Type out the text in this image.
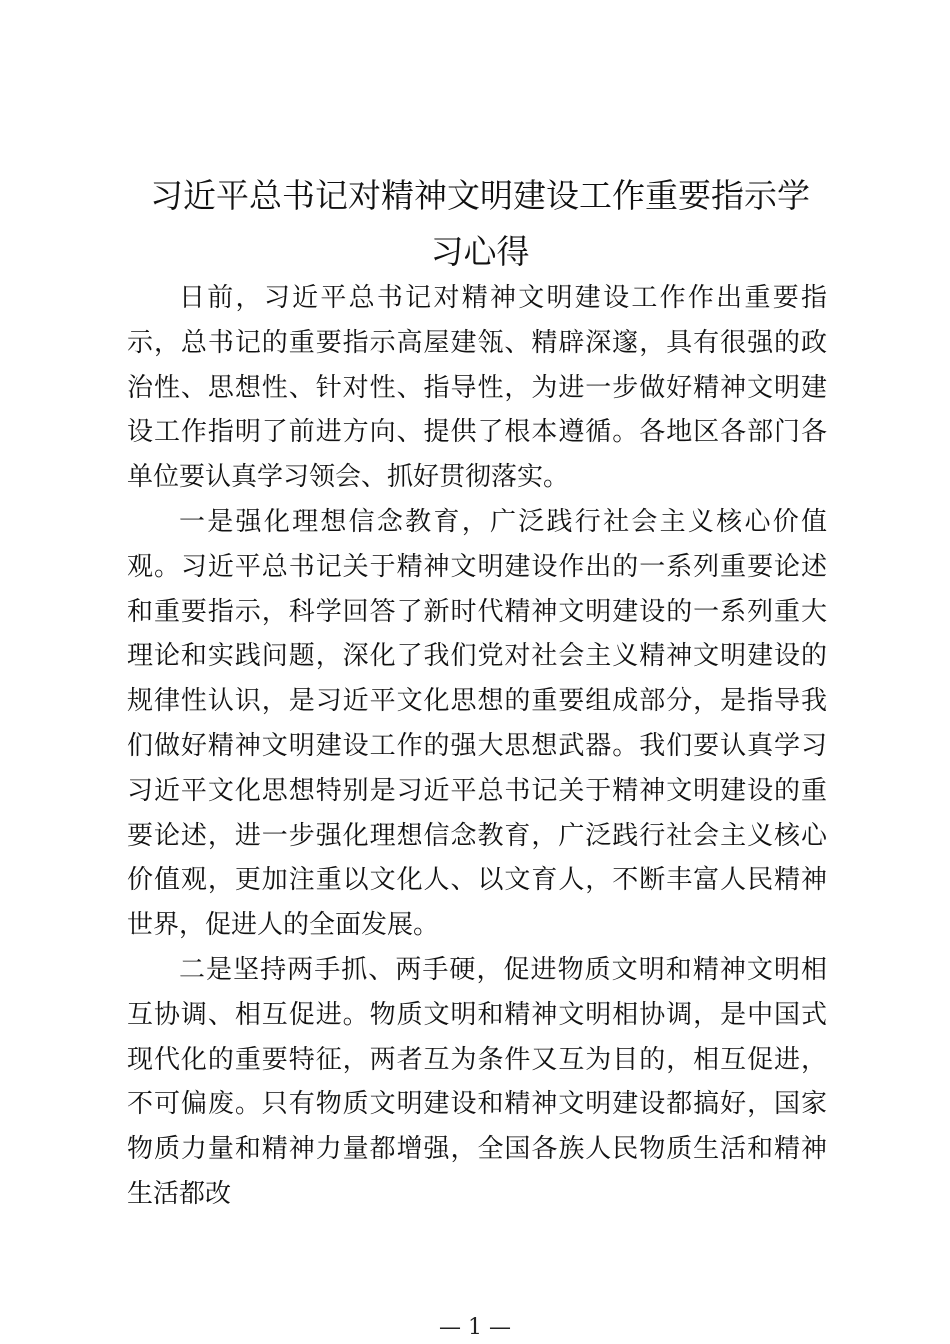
习近平总书记对精神文明建设工作重要指示学
习心得

日前，习近平总书记对精神文明建设工作作出重要指示，总书记的重要指示高屋建瓴、精辟深邃，具有很强的政治性、思想性、针对性、指导性，为进一步做好精神文明建设工作指明了前进方向、提供了根本遵循。各地区各部门各单位要认真学习领会、抓好贯彻落实。

一是强化理想信念教育，广泛践行社会主义核心价值观。习近平总书记关于精神文明建设作出的一系列重要论述和重要指示，科学回答了新时代精神文明建设的一系列重大理论和实践问题，深化了我们党对社会主义精神文明建设的规律性认识，是习近平文化思想的重要组成部分，是指导我们做好精神文明建设工作的强大思想武器。我们要认真学习习近平文化思想特别是习近平总书记关于精神文明建设的重要论述，进一步强化理想信念教育，广泛践行社会主义核心价值观，更加注重以文化人、以文育人，不断丰富人民精神世界，促进人的全面发展。

二是坚持两手抓、两手硬，促进物质文明和精神文明相互协调、相互促进。物质文明和精神文明相协调，是中国式现代化的重要特征，两者互为条件又互为目的，相互促进，不可偏废。只有物质文明建设和精神文明建设都搞好，国家物质力量和精神力量都增强，全国各族人民物质生活和精神生活都改

— 1 —
